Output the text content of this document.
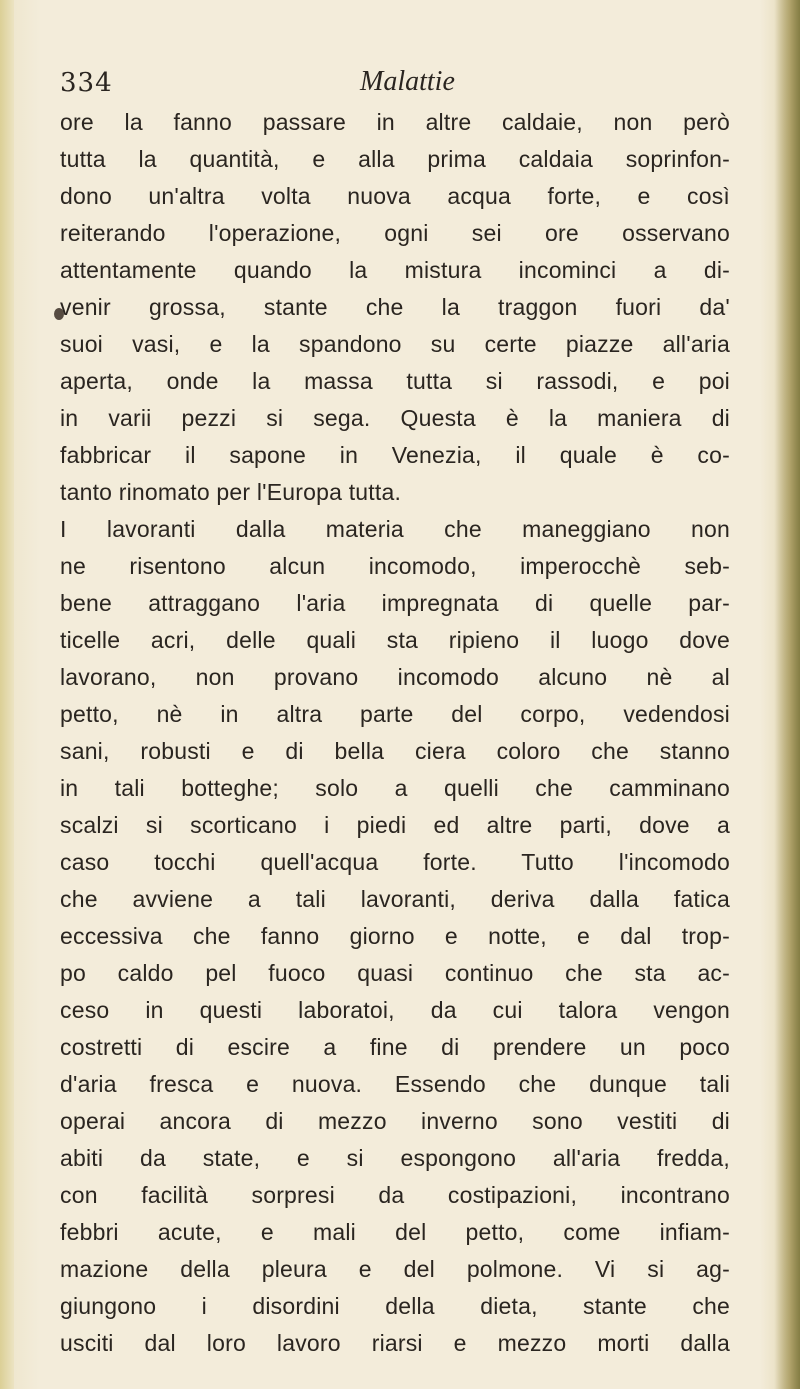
334	Malattie
ore la fanno passare in altre caldaie, non però
tutta la quantità, e alla prima caldaia soprinfon-
dono un'altra volta nuova acqua forte, e così
reiterando l'operazione, ogni sei ore osservano
attentamente quando la mistura incominci a di-
venir grossa, stante che la traggon fuori da'
suoi vasi, e la spandono su certe piazze all'aria
aperta, onde la massa tutta si rassodi, e poi
in varii pezzi si sega. Questa è la maniera di
fabbricar il sapone in Venezia, il quale è co-
tanto rinomato per l'Europa tutta.
I lavoranti dalla materia che maneggiano non
ne risentono alcun incomodo, imperocchè seb-
bene attraggano l'aria impregnata di quelle par-
ticelle acri, delle quali sta ripieno il luogo dove
lavorano, non provano incomodo alcuno nè al
petto, nè in altra parte del corpo, vedendosi
sani, robusti e di bella ciera coloro che stanno
in tali botteghe; solo a quelli che camminano
scalzi si scorticano i piedi ed altre parti, dove a
caso tocchi quell'acqua forte. Tutto l'incomodo
che avviene a tali lavoranti, deriva dalla fatica
eccessiva che fanno giorno e notte, e dal trop-
po caldo pel fuoco quasi continuo che sta ac-
ceso in questi laboratoi, da cui talora vengon
costretti di escire a fine di prendere un poco
d'aria fresca e nuova. Essendo che dunque tali
operai ancora di mezzo inverno sono vestiti di
abiti da state, e si espongono all'aria fredda,
con facilità sorpresi da costipazioni, incontrano
febbri acute, e mali del petto, come infiam-
mazione della pleura e del polmone. Vi si ag-
giungono i disordini della dieta, stante che
usciti dal loro lavoro riarsi e mezzo morti dalla
